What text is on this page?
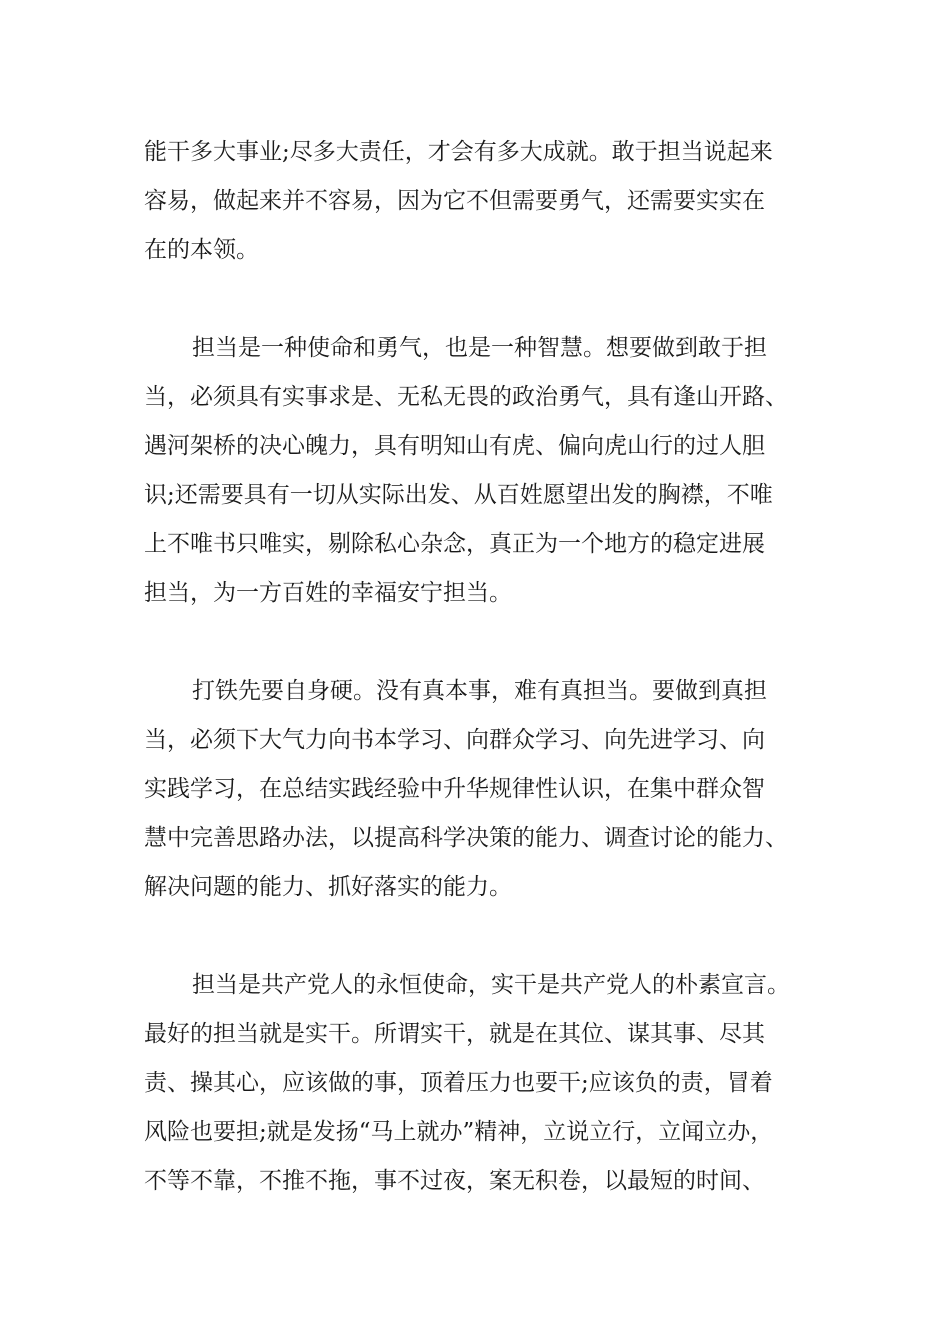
能干多大事业;尽多大责任，才会有多大成就。敢于担当说起来
容易，做起来并不容易，因为它不但需要勇气，还需要实实在
在的本领。

担当是一种使命和勇气，也是一种智慧。想要做到敢于担
当，必须具有实事求是、无私无畏的政治勇气，具有逢山开路、
遇河架桥的决心魄力，具有明知山有虎、偏向虎山行的过人胆
识;还需要具有一切从实际出发、从百姓愿望出发的胸襟，不唯
上不唯书只唯实，剔除私心杂念，真正为一个地方的稳定进展
担当，为一方百姓的幸福安宁担当。

打铁先要自身硬。没有真本事，难有真担当。要做到真担
当，必须下大气力向书本学习、向群众学习、向先进学习、向
实践学习，在总结实践经验中升华规律性认识，在集中群众智
慧中完善思路办法，以提高科学决策的能力、调查讨论的能力、
解决问题的能力、抓好落实的能力。

担当是共产党人的永恒使命，实干是共产党人的朴素宣言。
最好的担当就是实干。所谓实干，就是在其位、谋其事、尽其
责、操其心，应该做的事，顶着压力也要干;应该负的责，冒着
风险也要担;就是发扬“马上就办”精神，立说立行，立闻立办，
不等不靠，不推不拖，事不过夜，案无积卷，以最短的时间、
